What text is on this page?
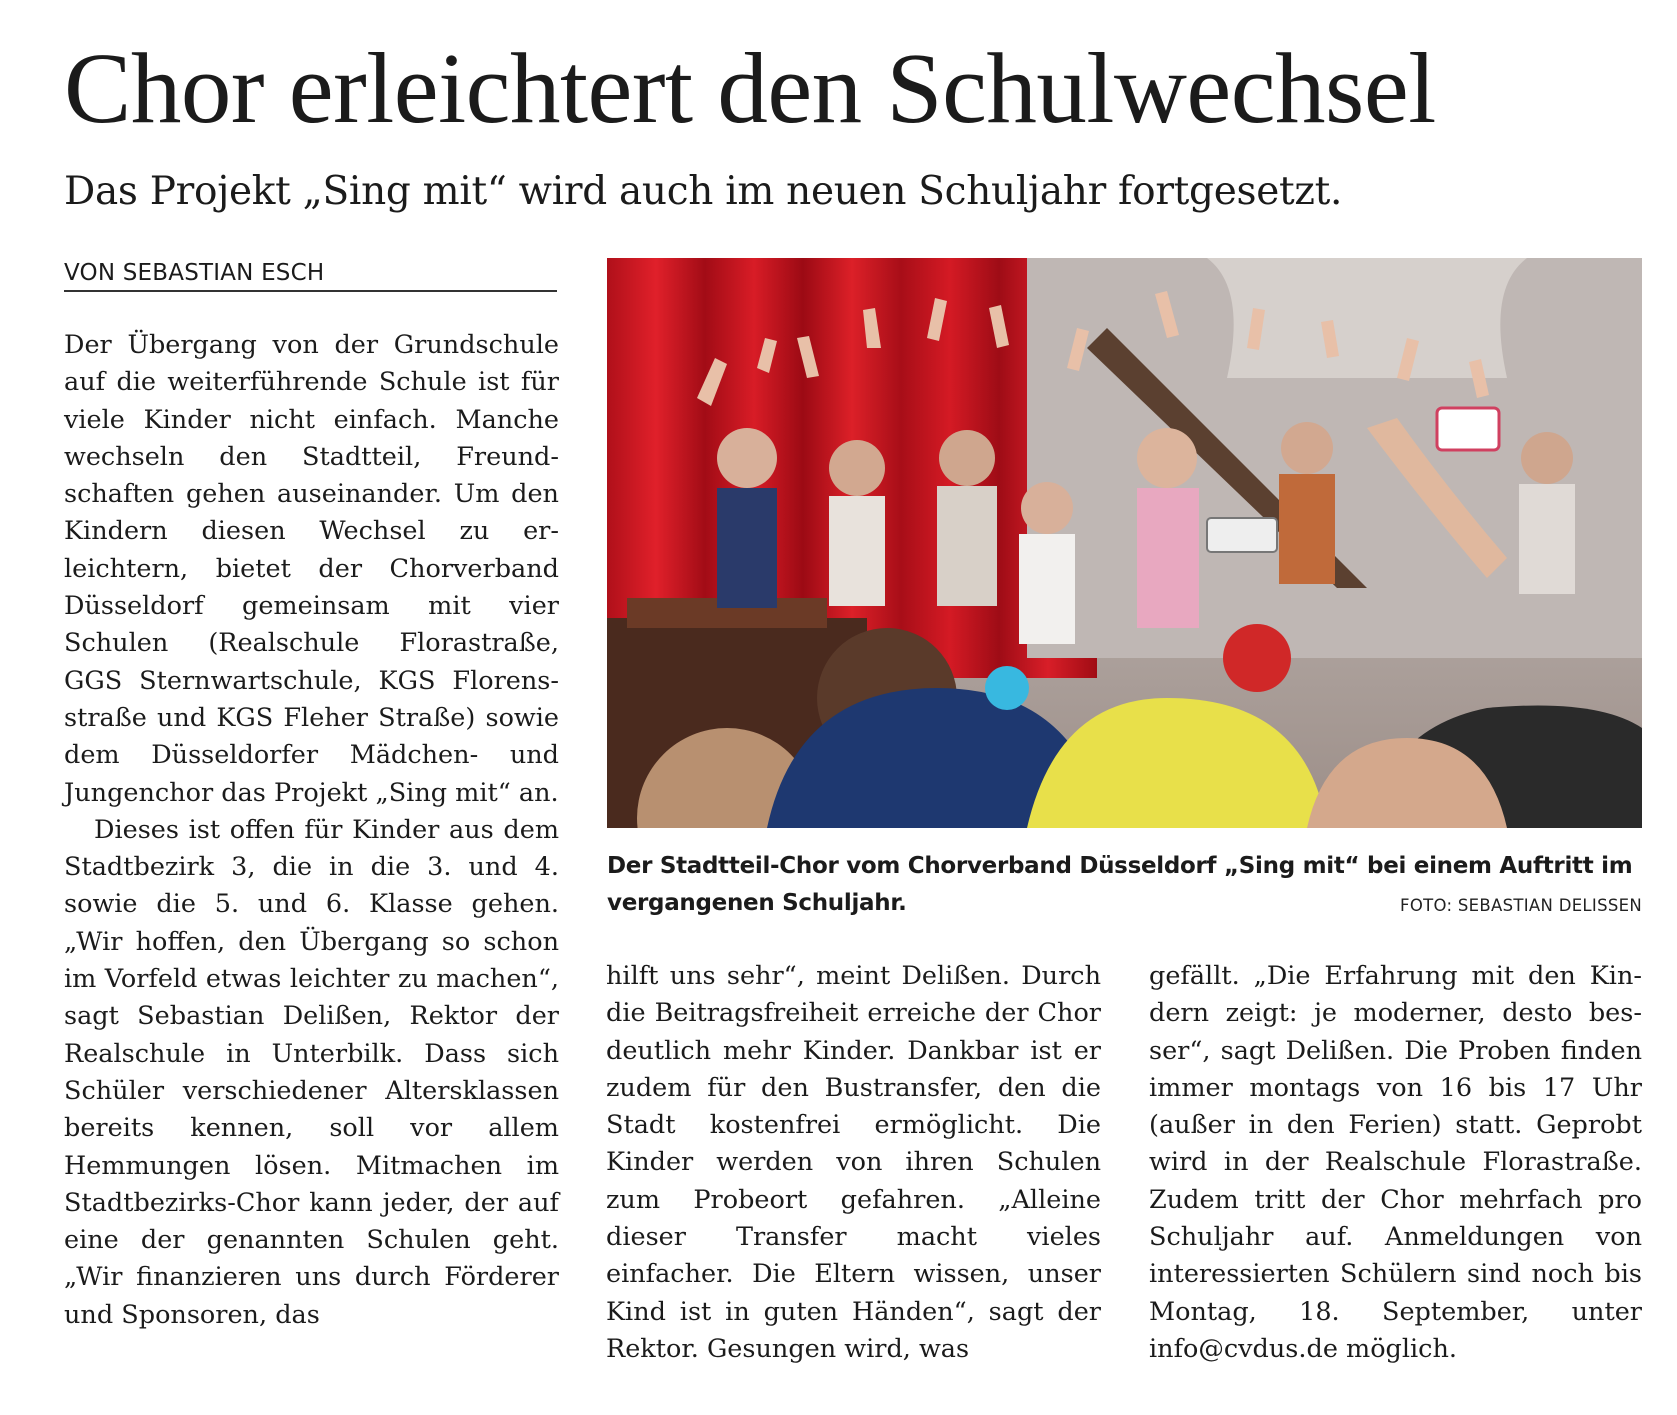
Chor erleichtert den Schulwechsel
Das Projekt „Sing mit“ wird auch im neuen Schuljahr fortgesetzt.
VON SEBASTIAN ESCH

Der Übergang von der Grundschule auf die weiterführende Schule ist für viele Kinder nicht einfach. Manche wechseln den Stadtteil, Freundschaften gehen auseinander. Um den Kindern diesen Wechsel zu erleichtern, bietet der Chorverband Düsseldorf gemeinsam mit vier Schulen (Realschule Florastraße, GGS Sternwartschule, KGS Florensstraße und KGS Fleher Straße) sowie dem Düsseldorfer Mädchen- und Jungenchor das Projekt „Sing mit“ an.

Dieses ist offen für Kinder aus dem Stadtbezirk 3, die in die 3. und 4. sowie die 5. und 6. Klasse gehen. „Wir hoffen, den Übergang so schon im Vorfeld etwas leichter zu machen“, sagt Sebastian Delißen, Rektor der Realschule in Unterbilk. Dass sich Schüler verschiedener Altersklassen bereits kennen, soll vor allem Hemmungen lösen. Mitmachen im Stadtbezirks-Chor kann jeder, der auf eine der genannten Schulen geht. „Wir finanzieren uns durch Förderer und Sponsoren, das

Der Stadtteil-Chor vom Chorverband Düsseldorf „Sing mit“ bei einem Auftritt im
vergangenen Schuljahr.	FOTO: SEBASTIAN DELISSEN

hilft uns sehr“, meint Delißen. Durch die Beitragsfreiheit erreiche der Chor deutlich mehr Kinder. Dankbar ist er zudem für den Bustransfer, den die Stadt kostenfrei ermöglicht. Die Kinder werden von ihren Schulen zum Probeort gefahren. „Alleine dieser Transfer macht vieles einfacher. Die Eltern wissen, unser Kind ist in guten Händen“, sagt der Rektor. Gesungen wird, was

gefällt. „Die Erfahrung mit den Kindern zeigt: je moderner, desto besser“, sagt Delißen. Die Proben finden immer montags von 16 bis 17 Uhr (außer in den Ferien) statt. Geprobt wird in der Realschule Florastraße. Zudem tritt der Chor mehrfach pro Schuljahr auf. Anmeldungen von interessierten Schülern sind noch bis Montag, 18. September, unter info@cvdus.de möglich.
